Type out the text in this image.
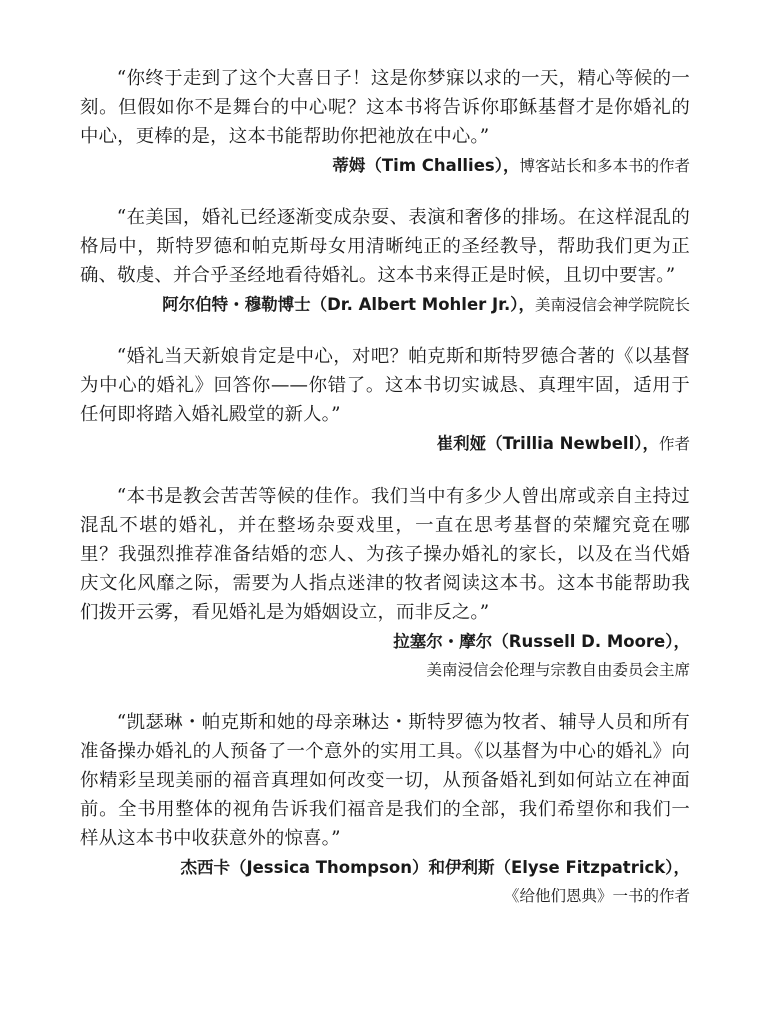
“你终于走到了这个大喜日子！这是你梦寐以求的一天，精心等候的一刻。但假如你不是舞台的中心呢？这本书将告诉你耶稣基督才是你婚礼的中心，更棒的是，这本书能帮助你把祂放在中心。”

蒂姆（Tim Challies），博客站长和多本书的作者

“在美国，婚礼已经逐渐变成杂耍、表演和奢侈的排场。在这样混乱的格局中，斯特罗德和帕克斯母女用清晰纯正的圣经教导，帮助我们更为正确、敬虔、并合乎圣经地看待婚礼。这本书来得正是时候，且切中要害。”

阿尔伯特・穆勒博士（Dr. Albert Mohler Jr.），美南浸信会神学院院长

“婚礼当天新娘肯定是中心，对吧？帕克斯和斯特罗德合著的《以基督为中心的婚礼》回答你——你错了。这本书切实诚恳、真理牢固，适用于任何即将踏入婚礼殿堂的新人。”

崔利娅（Trillia Newbell），作者

“本书是教会苦苦等候的佳作。我们当中有多少人曾出席或亲自主持过混乱不堪的婚礼，并在整场杂耍戏里，一直在思考基督的荣耀究竟在哪里？我强烈推荐准备结婚的恋人、为孩子操办婚礼的家长，以及在当代婚庆文化风靡之际，需要为人指点迷津的牧者阅读这本书。这本书能帮助我们拨开云雾，看见婚礼是为婚姻设立，而非反之。”

拉塞尔・摩尔（Russell D. Moore），

美南浸信会伦理与宗教自由委员会主席

“凯瑟琳・帕克斯和她的母亲琳达・斯特罗德为牧者、辅导人员和所有准备操办婚礼的人预备了一个意外的实用工具。《以基督为中心的婚礼》向你精彩呈现美丽的福音真理如何改变一切，从预备婚礼到如何站立在神面前。全书用整体的视角告诉我们福音是我们的全部，我们希望你和我们一样从这本书中收获意外的惊喜。”

杰西卡（Jessica Thompson）和伊利斯（Elyse Fitzpatrick），

《给他们恩典》一书的作者
